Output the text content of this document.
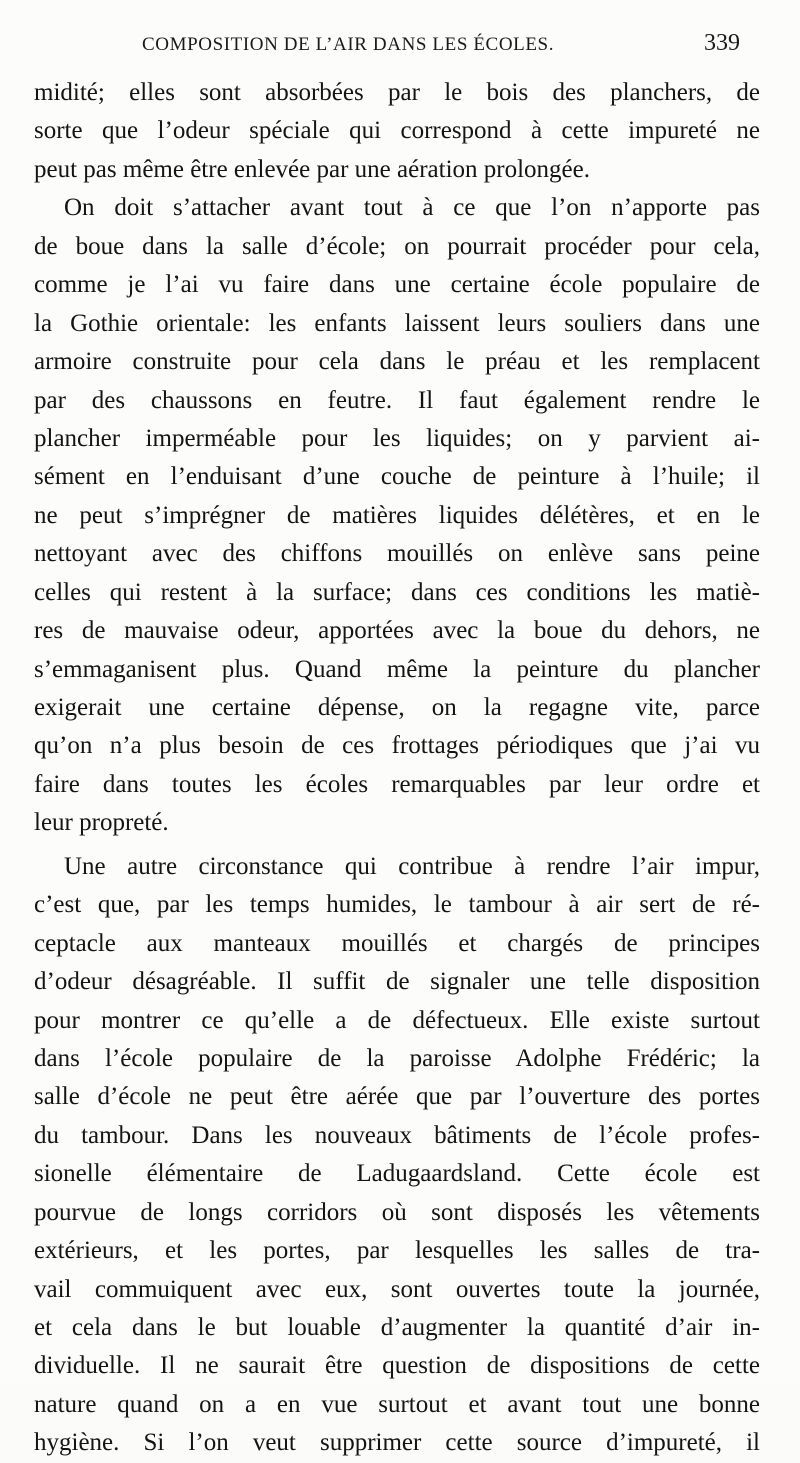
COMPOSITION DE L’AIR DANS LES ÉCOLES.	339
midité; elles sont absorbées par le bois des planchers, de
sorte que l’odeur spéciale qui correspond à cette impureté ne
peut pas même être enlevée par une aération prolongée.
On doit s’attacher avant tout à ce que l’on n’apporte pas
de boue dans la salle d’école; on pourrait procéder pour cela,
comme je l’ai vu faire dans une certaine école populaire de
la Gothie orientale: les enfants laissent leurs souliers dans une
armoire construite pour cela dans le préau et les remplacent
par des chaussons en feutre. Il faut également rendre le
plancher imperméable pour les liquides; on y parvient ai-
sément en l’enduisant d’une couche de peinture à l’huile; il
ne peut s’imprégner de matières liquides délétères, et en le
nettoyant avec des chiffons mouillés on enlève sans peine
celles qui restent à la surface; dans ces conditions les matiè-
res de mauvaise odeur, apportées avec la boue du dehors, ne
s’emmaganisent plus. Quand même la peinture du plancher
exigerait une certaine dépense, on la regagne vite, parce
qu’on n’a plus besoin de ces frottages périodiques que j’ai vu
faire dans toutes les écoles remarquables par leur ordre et
leur propreté.
Une autre circonstance qui contribue à rendre l’air impur,
c’est que, par les temps humides, le tambour à air sert de ré-
ceptacle aux manteaux mouillés et chargés de principes
d’odeur désagréable. Il suffit de signaler une telle disposition
pour montrer ce qu’elle a de défectueux. Elle existe surtout
dans l’école populaire de la paroisse Adolphe Frédéric; la
salle d’école ne peut être aérée que par l’ouverture des portes
du tambour. Dans les nouveaux bâtiments de l’école profes-
sionelle élémentaire de Ladugaardsland. Cette école est
pourvue de longs corridors où sont disposés les vêtements
extérieurs, et les portes, par lesquelles les salles de tra-
vail commuiquent avec eux, sont ouvertes toute la journée,
et cela dans le but louable d’augmenter la quantité d’air in-
dividuelle. Il ne saurait être question de dispositions de cette
nature quand on a en vue surtout et avant tout une bonne
hygiène. Si l’on veut supprimer cette source d’impureté, il
